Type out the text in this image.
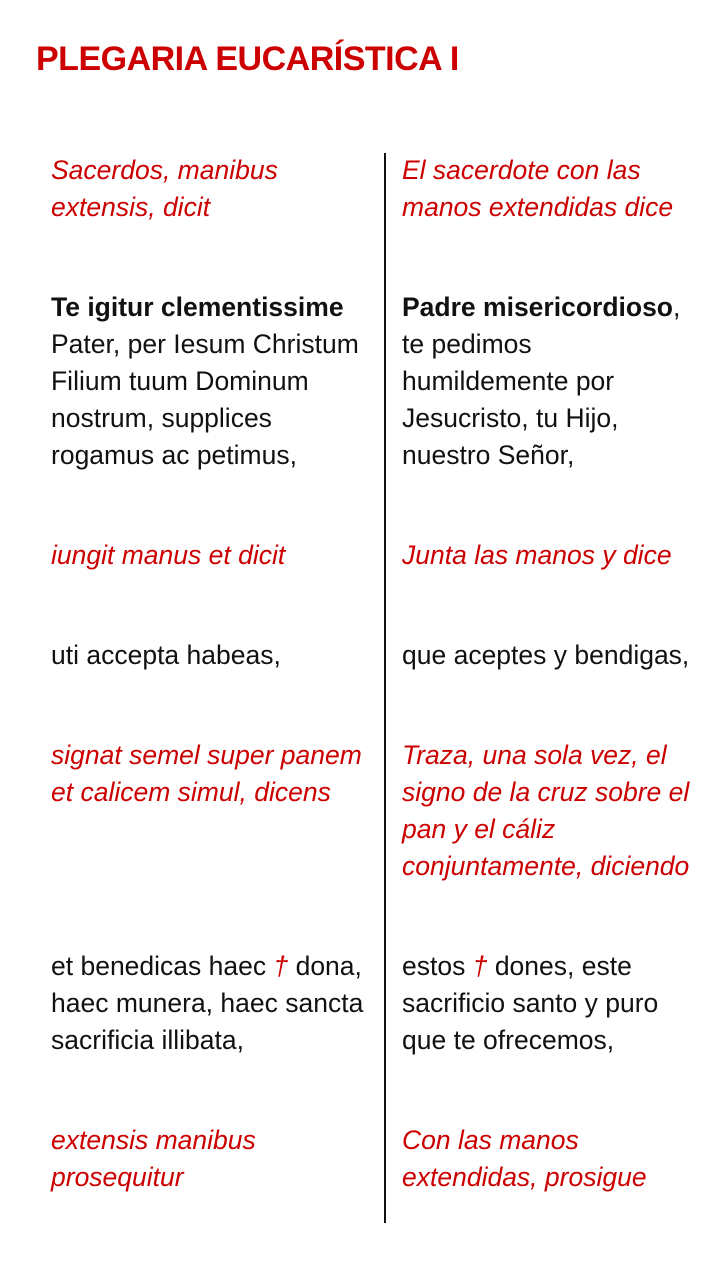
PLEGARIA EUCARÍSTICA I

Sacerdos, manibus extensis, dicit

Te igitur clementissime Pater, per Iesum Christum Filium tuum Dominum nostrum, supplices rogamus ac petimus,

iungit manus et dicit

uti accepta habeas,

signat semel super panem et calicem simul, dicens

et benedicas haec † dona, haec munera, haec sancta sacrificia illibata,

extensis manibus prosequitur

El sacerdote con las manos extendidas dice

Padre misericordioso, te pedimos humildemente por Jesucristo, tu Hijo, nuestro Señor,

Junta las manos y dice

que aceptes y bendigas,

Traza, una sola vez, el signo de la cruz sobre el pan y el cáliz conjuntamente, diciendo

estos † dones, este sacrificio santo y puro que te ofrecemos,

Con las manos extendidas, prosigue
